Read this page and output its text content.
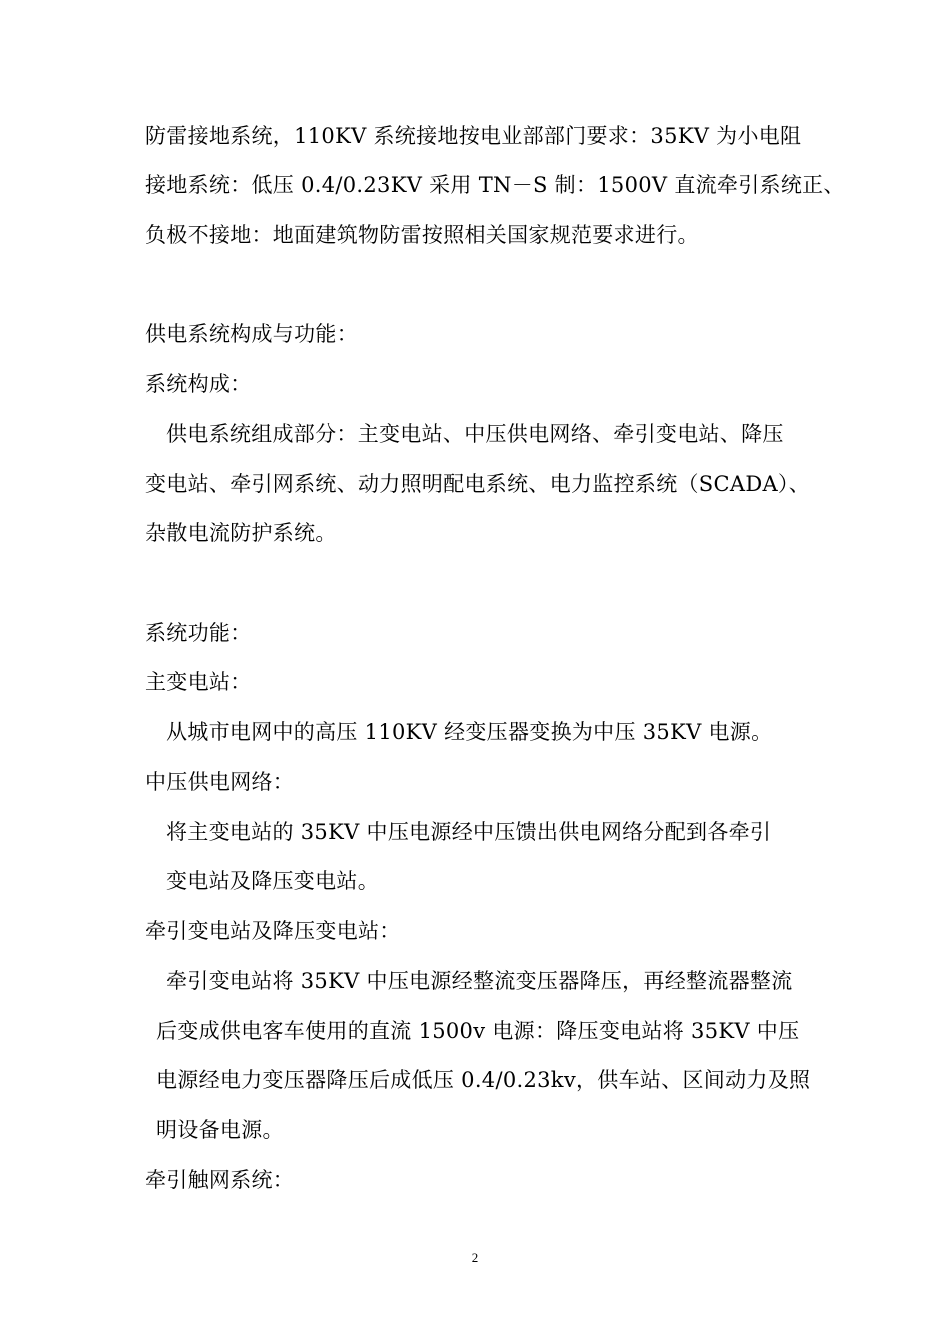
防雷接地系统，110KV 系统接地按电业部部门要求：35KV 为小电阻
接地系统：低压 0.4/0.23KV 采用 TN－S 制：1500V 直流牵引系统正、
负极不接地：地面建筑物防雷按照相关国家规范要求进行。
供电系统构成与功能：
系统构成：
供电系统组成部分：主变电站、中压供电网络、牵引变电站、降压
变电站、牵引网系统、动力照明配电系统、电力监控系统（SCADA）、
杂散电流防护系统。
系统功能：
主变电站：
从城市电网中的高压 110KV 经变压器变换为中压 35KV 电源。
中压供电网络：
将主变电站的 35KV 中压电源经中压馈出供电网络分配到各牵引
变电站及降压变电站。
牵引变电站及降压变电站：
牵引变电站将 35KV 中压电源经整流变压器降压，再经整流器整流
后变成供电客车使用的直流 1500v 电源：降压变电站将 35KV 中压
电源经电力变压器降压后成低压 0.4/0.23kv，供车站、区间动力及照
明设备电源。
牵引触网系统：
2
